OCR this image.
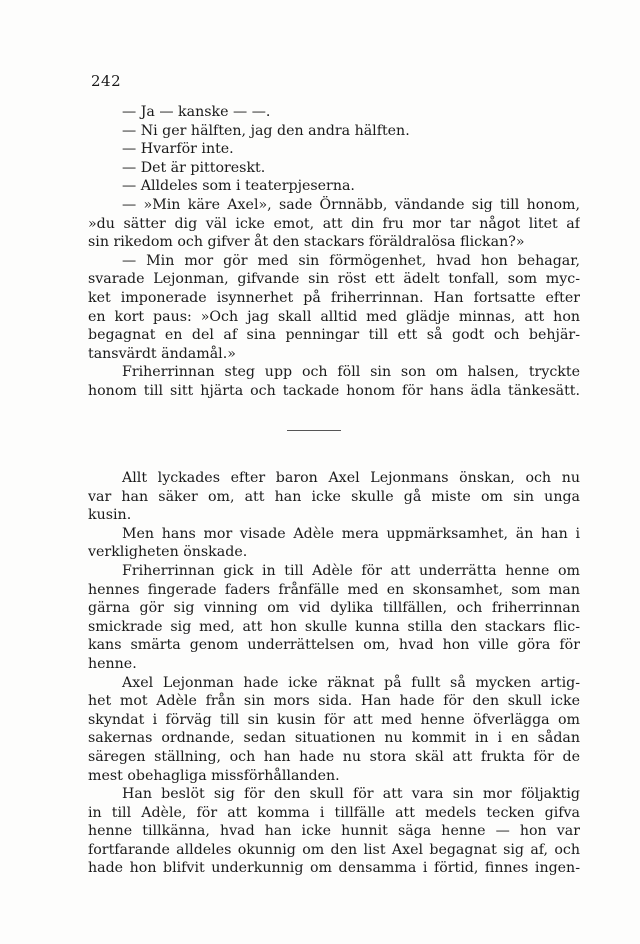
242
— Ja — kanske — —.
— Ni ger hälften, jag den andra hälften.
— Hvarför inte.
— Det är pittoreskt.
— Alldeles som i teaterpjeserna.
— »Min käre Axel», sade Örnnäbb, vändande sig till honom,
»du sätter dig väl icke emot, att din fru mor tar något litet af
sin rikedom och gifver åt den stackars föräldralösa flickan?»
— Min mor gör med sin förmögenhet, hvad hon behagar,
svarade Lejonman, gifvande sin röst ett ädelt tonfall, som myc-
ket imponerade isynnerhet på friherrinnan. Han fortsatte efter
en kort paus: »Och jag skall alltid med glädje minnas, att hon
begagnat en del af sina penningar till ett så godt och behjär-
tansvärdt ändamål.»
Friherrinnan steg upp och föll sin son om halsen, tryckte
honom till sitt hjärta och tackade honom för hans ädla tänkesätt.
Allt lyckades efter baron Axel Lejonmans önskan, och nu
var han säker om, att han icke skulle gå miste om sin unga
kusin.
Men hans mor visade Adèle mera uppmärksamhet, än han i
verkligheten önskade.
Friherrinnan gick in till Adèle för att underrätta henne om
hennes fingerade faders frånfälle med en skonsamhet, som man
gärna gör sig vinning om vid dylika tillfällen, och friherrinnan
smickrade sig med, att hon skulle kunna stilla den stackars flic-
kans smärta genom underrättelsen om, hvad hon ville göra för
henne.
Axel Lejonman hade icke räknat på fullt så mycken artig-
het mot Adèle från sin mors sida. Han hade för den skull icke
skyndat i förväg till sin kusin för att med henne öfverlägga om
sakernas ordnande, sedan situationen nu kommit in i en sådan
säregen ställning, och han hade nu stora skäl att frukta för de
mest obehagliga missförhållanden.
Han beslöt sig för den skull för att vara sin mor följaktig
in till Adèle, för att komma i tillfälle att medels tecken gifva
henne tillkänna, hvad han icke hunnit säga henne — hon var
fortfarande alldeles okunnig om den list Axel begagnat sig af, och
hade hon blifvit underkunnig om densamma i förtid, finnes ingen-
